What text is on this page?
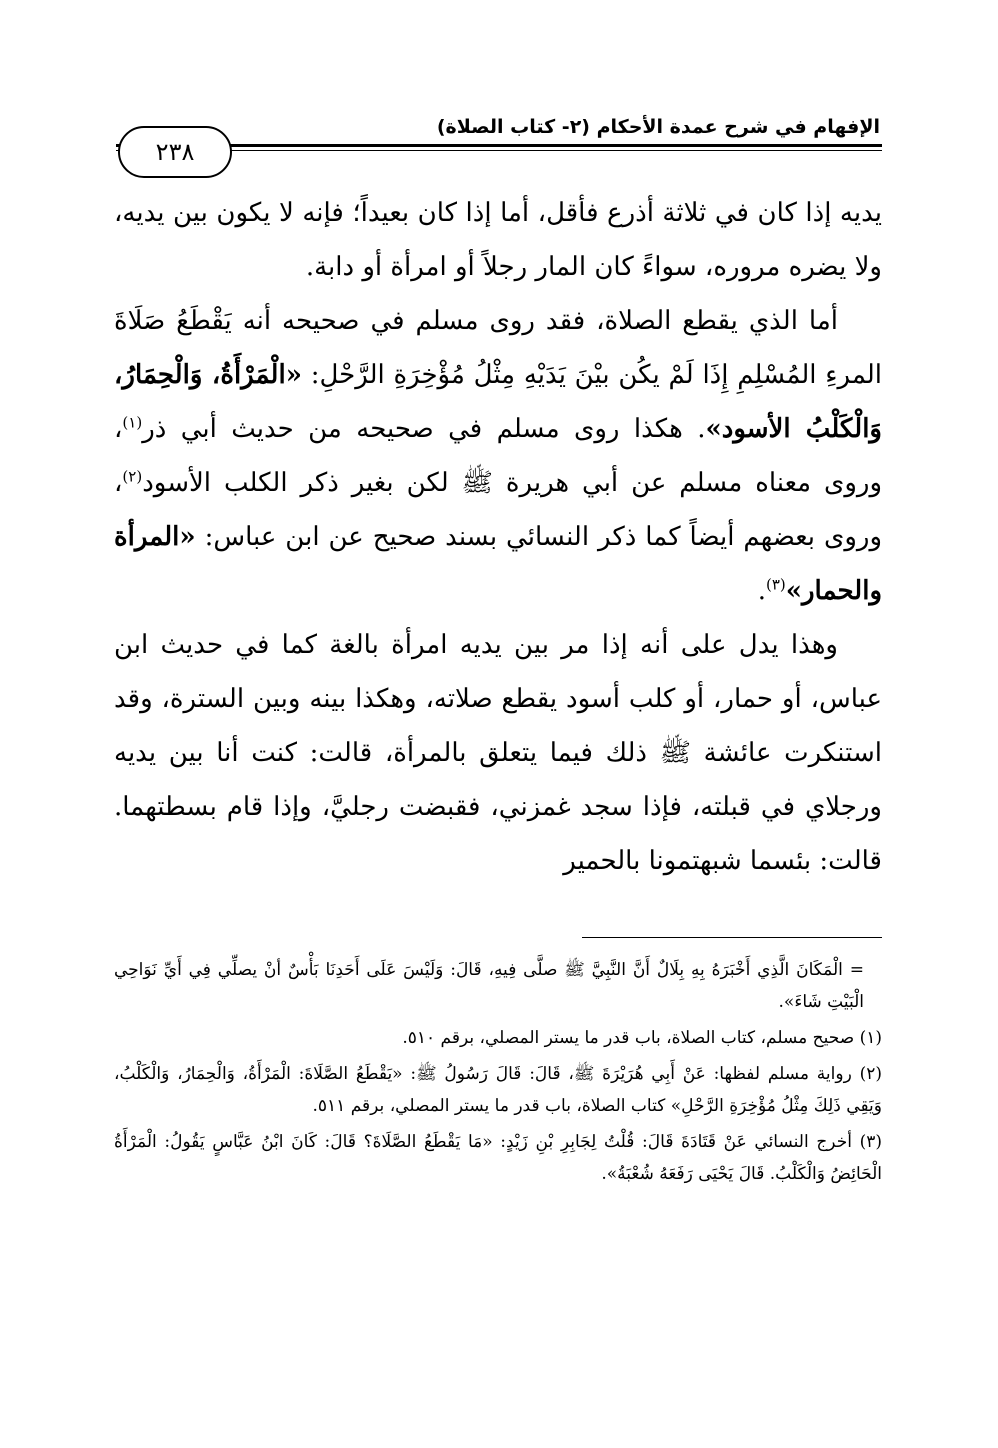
الإفهام في شرح عمدة الأحكام (٢- كتاب الصلاة)
٢٣٨

يديه إذا كان في ثلاثة أذرع فأقل، أما إذا كان بعيداً؛ فإنه لا يكون بين يديه، ولا يضره مروره، سواءً كان المار رجلاً أو امرأة أو دابة.

أما الذي يقطع الصلاة، فقد روى مسلم في صحيحه أنه يَقْطَعُ صَلَاةَ المرءِ المُسْلِمِ إِذَا لَمْ يكُن بيْنَ يَدَيْهِ مِثْلُ مُؤْخِرَةِ الرَّحْلِ: «الْمَرْأَةُ، وَالْحِمَارُ، وَالْكَلْبُ الأسود». هكذا روى مسلم في صحيحه من حديث أبي ذر$^{(١)}$، وروى معناه مسلم عن أبي هريرة ﷺ لكن بغير ذكر الكلب الأسود$^{(٢)}$، وروى بعضهم أيضاً كما ذكر النسائي بسند صحيح عن ابن عباس: «المرأة والحمار»$^{(٣)}$.

وهذا يدل على أنه إذا مر بين يديه امرأة بالغة كما في حديث ابن عباس، أو حمار، أو كلب أسود يقطع صلاته، وهكذا بينه وبين السترة، وقد استنكرت عائشة ﷺ ذلك فيما يتعلق بالمرأة، قالت: كنت أنا بين يديه ورجلاي في قبلته، فإذا سجد غمزني، فقبضت رجليَّ، وإذا قام بسطتهما. قالت: بئسما شبهتمونا بالحمير

= الْمَكَانَ الَّذِي أَخْبَرَهُ بِهِ بِلَالٌ أَنَّ النَّبِيَّ ﷺ صلَّى فِيهِ، قَالَ: وَلَيْسَ عَلَى أَحَدِنَا بَأْسٌ أنْ يصلِّي فِي أَيِّ نَوَاحِي الْبَيْتِ شَاءَ».

(١) صحيح مسلم، كتاب الصلاة، باب قدر ما يستر المصلي، برقم ٥١٠.

(٢) رواية مسلم لفظها: عَنْ أَبِي هُرَيْرَةَ ﷺ، قَالَ: قَالَ رَسُولُ ﷺ: «يَقْطَعُ الصَّلَاةَ: الْمَرْأَةُ، وَالْحِمَارُ، وَالْكَلْبُ، وَيَقِي ذَلِكَ مِثْلُ مُؤْخِرَةِ الرَّحْلِ» كتاب الصلاة، باب قدر ما يستر المصلي، برقم ٥١١.

(٣) أخرج النسائي عَنْ قَتَادَةَ قَالَ: قُلْتُ لِجَابِرِ بْنِ زَيْدٍ: «مَا يَقْطَعُ الصَّلَاةَ؟ قَالَ: كَانَ ابْنُ عَبَّاسٍ يَقُولُ: الْمَرْأَةُ الْحَائِضُ وَالْكَلْبُ. قَالَ يَحْيَى رَفَعَهُ شُعْبَةُ».
